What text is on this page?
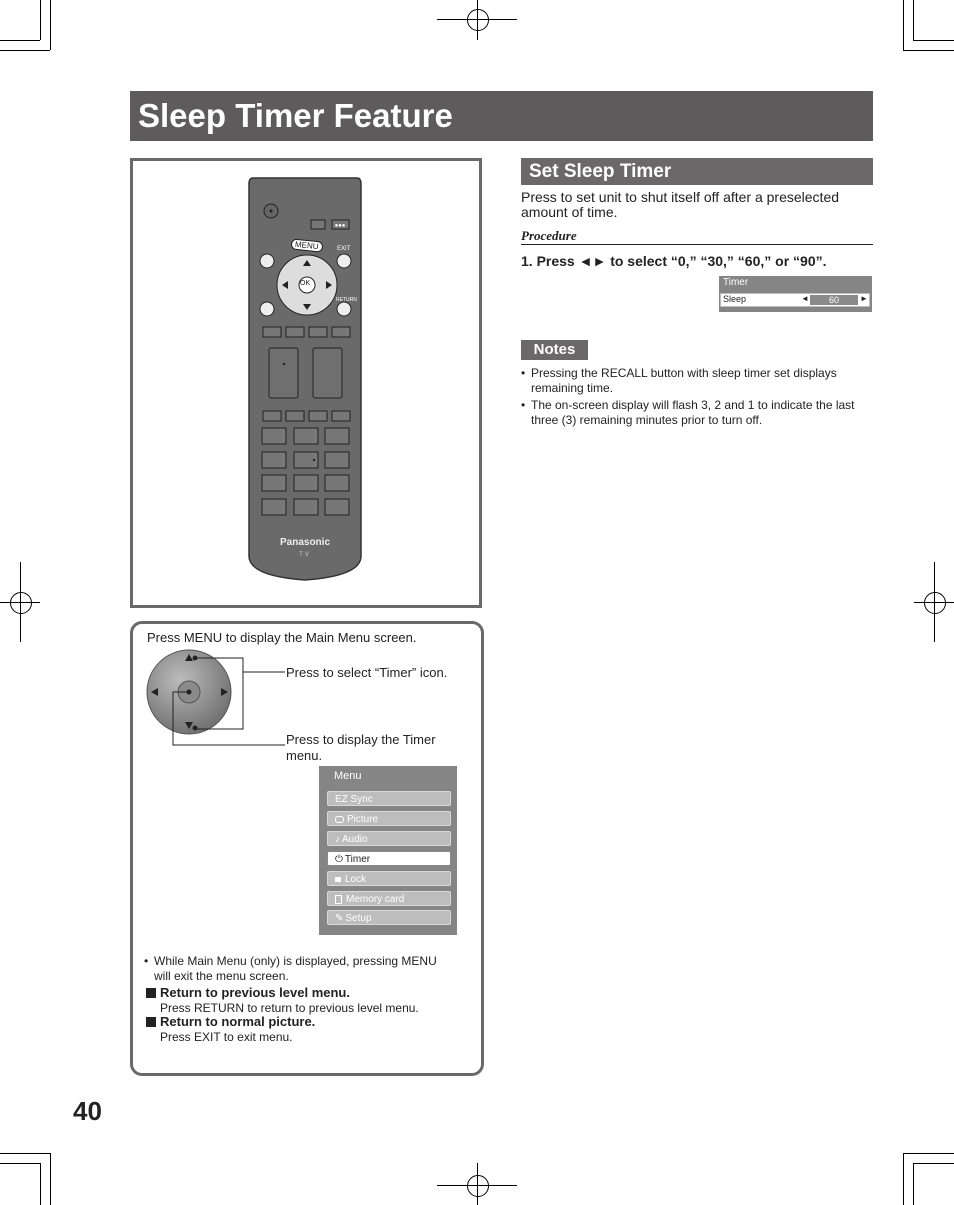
Sleep Timer Feature
●●●
MENU	EXIT
RETURN
OK
Panasonic
TV
Press MENU to display the Main Menu screen.
Press to select “Timer” icon.
Press to display the Timer
menu.
Menu
EZ Sync
Picture
♪ Audio
⏻ Timer
Lock
Memory card
✎ Setup
• While Main Menu (only) is displayed, pressing MENU
will exit the menu screen.
Return to previous level menu.
Press RETURN to return to previous level menu.
Return to normal picture.
Press EXIT to exit menu.
Set Sleep Timer
Press to set unit to shut itself off after a preselected
amount of time.
Procedure
1. Press ◄► to select “0,” “30,” “60,” or “90”.
Timer
Sleep	◄	60	►
Notes
• Pressing the RECALL button with sleep timer set displays
remaining time.
• The on-screen display will flash 3, 2 and 1 to indicate the last
three (3) remaining minutes prior to turn off.
40
